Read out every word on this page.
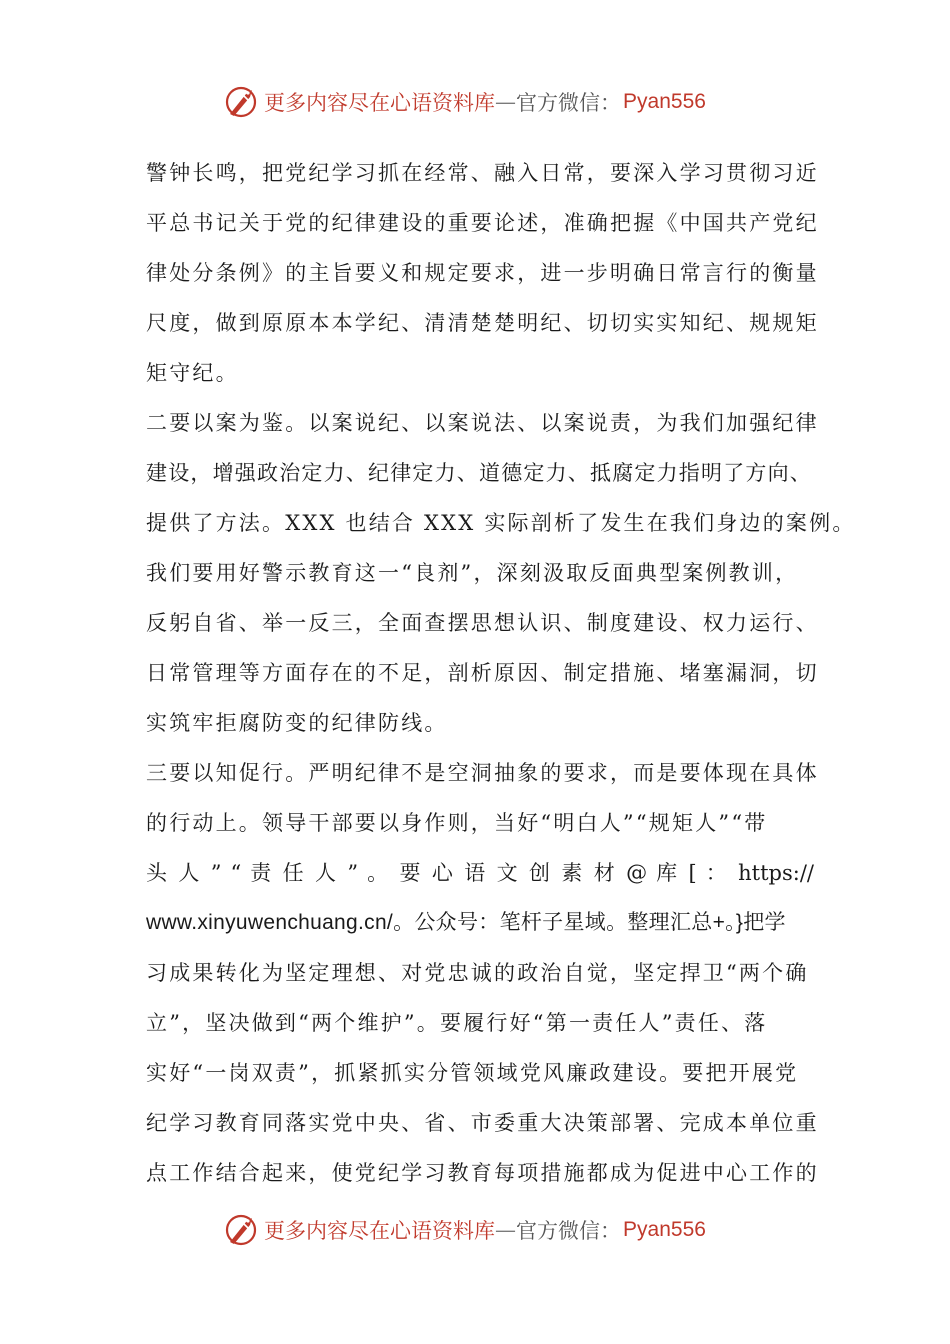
更多内容尽在心语资料库 — 官方微信： Pyan556
警钟长鸣，把党纪学习抓在经常、融入日常，要深入学习贯彻习近
平总书记关于党的纪律建设的重要论述，准确把握《中国共产党纪
律处分条例》的主旨要义和规定要求，进一步明确日常言行的衡量
尺度，做到原原本本学纪、清清楚楚明纪、切切实实知纪、规规矩
矩守纪。
二要以案为鉴。以案说纪、以案说法、以案说责，为我们加强纪律
建设，增强政治定力、纪律定力、道德定力、抵腐定力指明了方向、
提供了方法。XXX 也结合 XXX 实际剖析了发生在我们身边的案例。
我们要用好警示教育这一“良剂”，深刻汲取反面典型案例教训，
反躬自省、举一反三，全面查摆思想认识、制度建设、权力运行、
日常管理等方面存在的不足，剖析原因、制定措施、堵塞漏洞，切
实筑牢拒腐防变的纪律防线。
三要以知促行。严明纪律不是空洞抽象的要求，而是要体现在具体
的行动上。领导干部要以身作则，当好“明白人”“规矩人”“带
头 人 ” “ 责 任 人 ” 。 要 心 语 文 创 素 材 @ 库 [ ： https://
www.xinyuwenchuang.cn/。公众号：笔杆子星域。整理汇总+。}把学
习成果转化为坚定理想、对党忠诚的政治自觉，坚定捍卫“两个确
立”，坚决做到“两个维护”。要履行好“第一责任人”责任、落
实好“一岗双责”，抓紧抓实分管领域党风廉政建设。要把开展党
纪学习教育同落实党中央、省、市委重大决策部署、完成本单位重
点工作结合起来，使党纪学习教育每项措施都成为促进中心工作的
更多内容尽在心语资料库 — 官方微信： Pyan556
